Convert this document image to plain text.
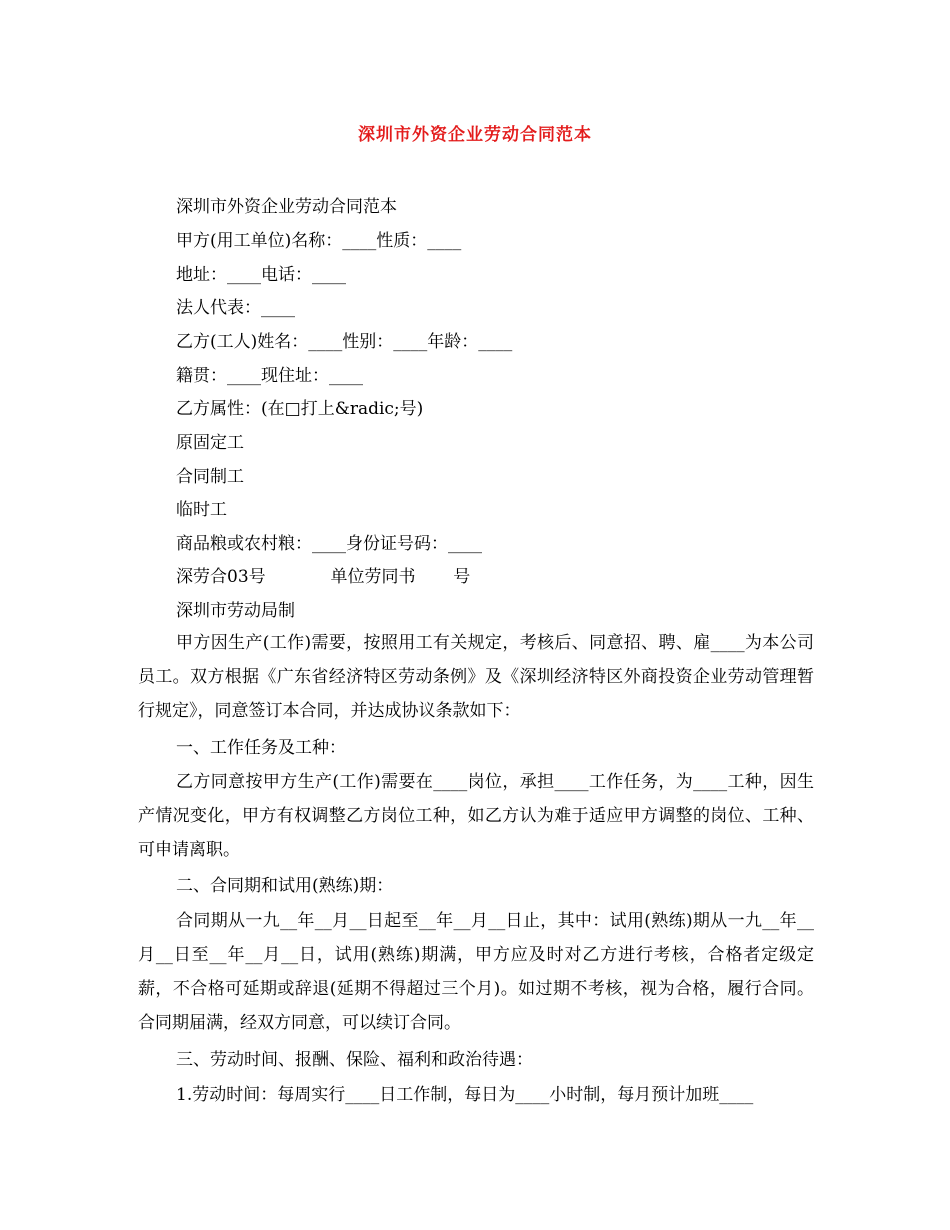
深圳市外资企业劳动合同范本
深圳市外资企业劳动合同范本
甲方(用工单位)名称：____性质：____
地址：____电话：____
法人代表：____
乙方(工人)姓名：____性别：____年龄：____
籍贯：____现住址：____
乙方属性：(在□打上&radic;号)
原固定工
合同制工
临时工
商品粮或农村粮：____身份证号码：____
深劳合03号            单位劳同书       号
深圳市劳动局制
甲方因生产(工作)需要，按照用工有关规定，考核后、同意招、聘、雇____为本公司员工。双方根据《广东省经济特区劳动条例》及《深圳经济特区外商投资企业劳动管理暂行规定》，同意签订本合同，并达成协议条款如下：
一、工作任务及工种：
乙方同意按甲方生产(工作)需要在____岗位，承担____工作任务，为____工种，因生产情况变化，甲方有权调整乙方岗位工种，如乙方认为难于适应甲方调整的岗位、工种、可申请离职。
二、合同期和试用(熟练)期：
合同期从一九__年__月__日起至__年__月__日止，其中：试用(熟练)期从一九__年__月__日至__年__月__日，试用(熟练)期满，甲方应及时对乙方进行考核，合格者定级定薪，不合格可延期或辞退(延期不得超过三个月)。如过期不考核，视为合格，履行合同。合同期届满，经双方同意，可以续订合同。
三、劳动时间、报酬、保险、福利和政治待遇：
1.劳动时间：每周实行____日工作制，每日为____小时制，每月预计加班____
